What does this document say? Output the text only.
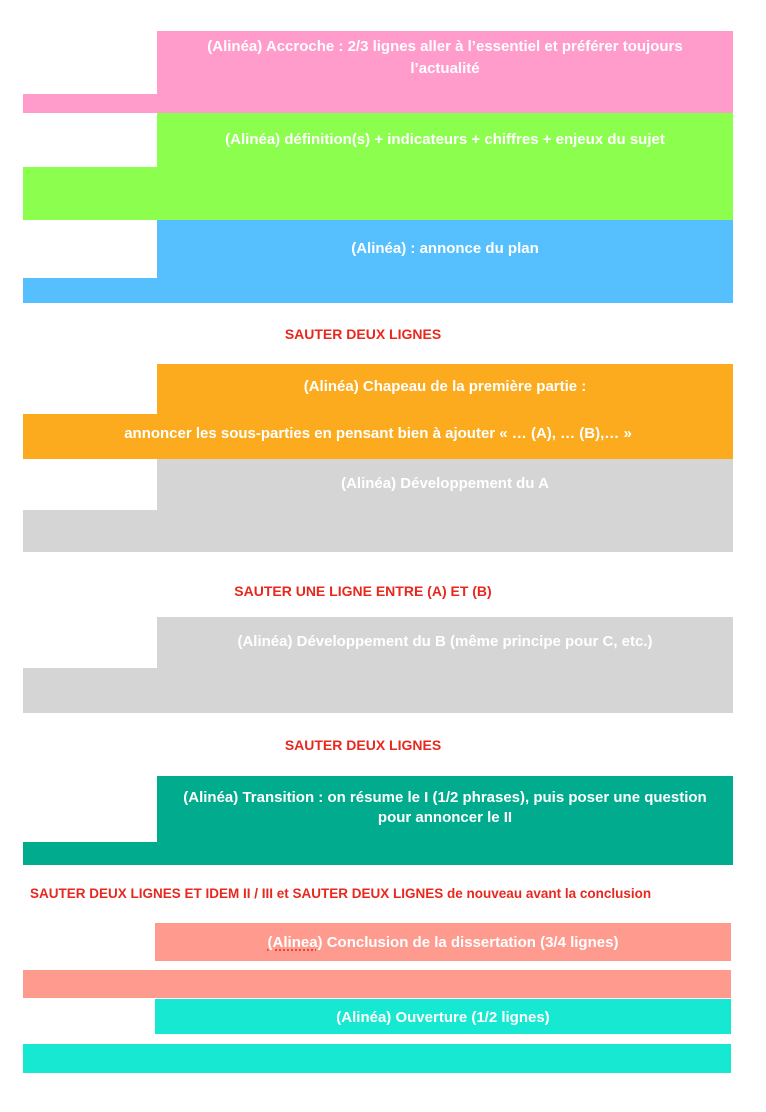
(Alinéa) Accroche : 2/3 lignes aller à l’essentiel et préférer toujours
l’actualité
(Alinéa) définition(s) + indicateurs + chiffres + enjeux du sujet
(Alinéa) : annonce du plan
SAUTER DEUX LIGNES
(Alinéa) Chapeau de la première partie :
annoncer les sous-parties en pensant bien à ajouter « … (A), … (B),… »
(Alinéa) Développement du A
SAUTER UNE LIGNE ENTRE (A) ET (B)
(Alinéa) Développement du B (même principe pour C, etc.)
SAUTER DEUX LIGNES
(Alinéa) Transition : on résume le I (1/2 phrases), puis poser une question
pour annoncer le II
SAUTER DEUX LIGNES ET IDEM II / III et SAUTER DEUX LIGNES de nouveau avant la conclusion
(Alinea) Conclusion de la dissertation (3/4 lignes)
(Alinéa) Ouverture (1/2 lignes)
